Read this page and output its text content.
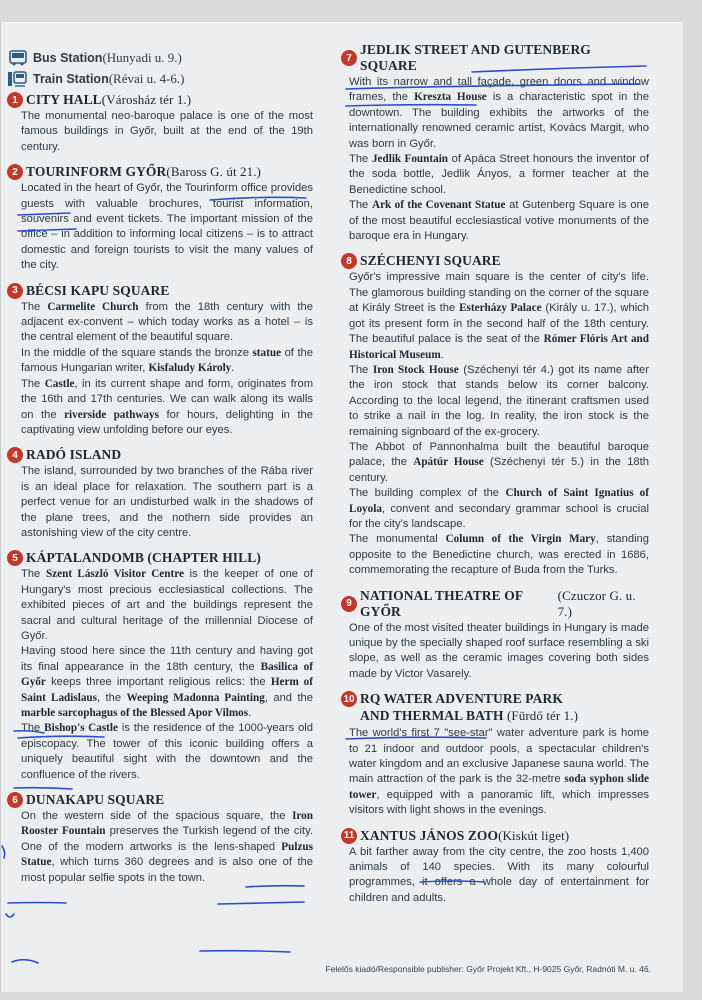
Bus Station (Hunyadi u. 9.)
Train Station (Révai u. 4-6.)
1 CITY HALL (Városház tér 1.)

The monumental neo-baroque palace is one of the most famous buildings in Győr, built at the end of the 19th century.

2 TOURINFORM GYŐR (Baross G. út 21.)

Located in the heart of Győr, the Tourinform office provides guests with valuable brochures, tourist information, souvenirs and event tickets. The important mission of the office – in addition to informing local citizens – is to attract domestic and foreign tourists to visit the many values of the city.

3 BÉCSI KAPU SQUARE

The Carmelite Church from the 18th century with the adjacent ex-convent – which today works as a hotel – is the central element of the beautiful square.

In the middle of the square stands the bronze statue of the famous Hungarian writer, Kisfaludy Károly.

The Castle, in its current shape and form, originates from the 16th and 17th centuries. We can walk along its walls on the riverside pathways for hours, delighting in the captivating view unfolding before our eyes.

4 RADÓ ISLAND

The island, surrounded by two branches of the Rába river is an ideal place for relaxation. The southern part is a perfect venue for an undisturbed walk in the shadows of the plane trees, and the nothern side provides an astonishing view of the city centre.

5 KÁPTALANDOMB (CHAPTER HILL)

The Szent László Visitor Centre is the keeper of one of Hungary's most precious ecclesiastical collections. The exhibited pieces of art and the buildings represent the sacral and cultural heritage of the millennial Diocese of Győr.

Having stood here since the 11th century and having got its final appearance in the 18th century, the Basilica of Győr keeps three important religious relics: the Herm of Saint Ladislaus, the Weeping Madonna Painting, and the marble sarcophagus of the Blessed Apor Vilmos.

The Bishop's Castle is the residence of the 1000-years old episcopacy. The tower of this iconic building offers a uniquely beautiful sight with the downtown and the confluence of the rivers.

6 DUNAKAPU SQUARE

On the western side of the spacious square, the Iron Rooster Fountain preserves the Turkish legend of the city. One of the modern artworks is the lens-shaped Pulzus Statue, which turns 360 degrees and is also one of the most popular selfie spots in the town.

7
JEDLIK STREET AND GUTENBERG SQUARE

With its narrow and tall façade, green doors and window frames, the Kreszta House is a characteristic spot in the downtown. The building exhibits the artworks of the internationally renowned ceramic artist, Kovács Margit, who was born in Győr.

The Jedlik Fountain of Apáca Street honours the inventor of the soda bottle, Jedlik Ányos, a former teacher at the Benedictine school.

The Ark of the Covenant Statue at Gutenberg Square is one of the most beautiful ecclesiastical votive monuments of the baroque era in Hungary.

8 SZÉCHENYI SQUARE

Győr's impressive main square is the center of city's life. The glamorous building standing on the corner of the square at Király Street is the Esterházy Palace (Király u. 17.), which got its present form in the second half of the 18th century. The beautiful palace is the seat of the Rómer Flóris Art and Historical Museum.

The Iron Stock House (Széchenyi tér 4.) got its name after the iron stock that stands below its corner balcony. According to the local legend, the itinerant craftsmen used to strike a nail in the log. In reality, the iron stock is the remaining signboard of the ex-grocery.

The Abbot of Pannonhalma built the beautiful baroque palace, the Apátúr House (Széchenyi tér 5.) in the 18th century.

The building complex of the Church of Saint Ignatius of Loyola, convent and secondary grammar school is crucial for the city's landscape.

The monumental Column of the Virgin Mary, standing opposite to the Benedictine church, was erected in 1686, commemorating the recapture of Buda from the Turks.

9
NATIONAL THEATRE OF GYŐR
(Czuczor G. u. 7.)

One of the most visited theater buildings in Hungary is made unique by the specially shaped roof surface resembling a ski slope, as well as the ceramic images covering both sides made by Victor Vasarely.

10 RQ WATER ADVENTURE PARK
AND THERMAL BATH (Fürdő tér 1.)

The world's first 7 "see-star" water adventure park is home to 21 indoor and outdoor pools, a spectacular children's water kingdom and an exclusive Japanese sauna world. The main attraction of the park is the 32-metre soda syphon slide tower, equipped with a panoramic lift, which impresses visitors with light shows in the evenings.

11 XANTUS JÁNOS ZOO (Kiskút liget)

A bit farther away from the city centre, the zoo hosts 1,400 animals of 140 species. With its many colourful programmes, it offers a whole day of entertainment for children and adults.

Felelős kiadó/Responsible publisher: Győr Projekt Kft., H-9025 Győr, Radnóti M. u. 46.
